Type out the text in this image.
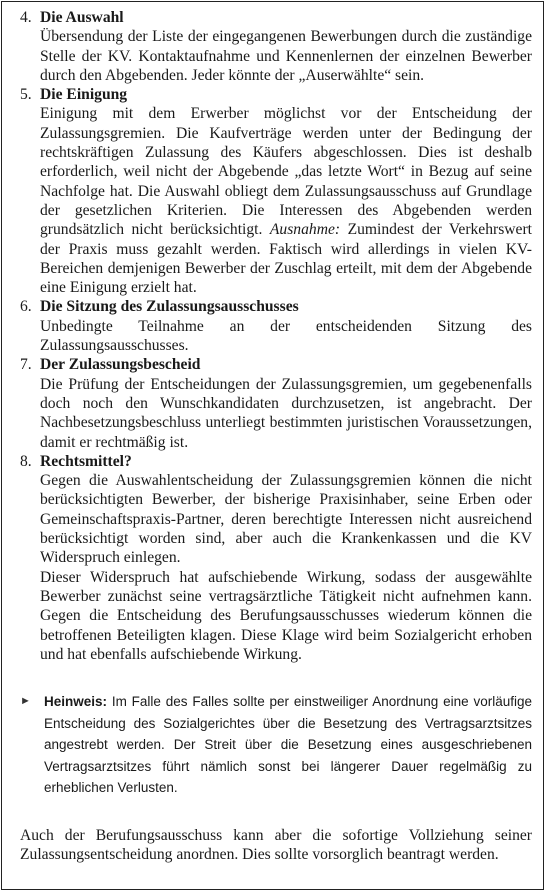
4. Die Auswahl

Übersendung der Liste der eingegangenen Bewerbungen durch die zuständige Stelle der KV. Kontaktaufnahme und Kennenlernen der einzelnen Bewerber durch den Abgebenden. Jeder könnte der „Auserwählte“ sein.

5. Die Einigung

Einigung mit dem Erwerber möglichst vor der Entscheidung der Zulassungsgremien. Die Kaufverträge werden unter der Bedingung der rechtskräftigen Zulassung des Käufers abgeschlossen. Dies ist deshalb erforderlich, weil nicht der Abgebende „das letzte Wort“ in Bezug auf seine Nachfolge hat. Die Auswahl obliegt dem Zulassungsausschuss auf Grundlage der gesetzlichen Kriterien. Die Interessen des Abgebenden werden grundsätzlich nicht berücksichtigt. Ausnahme: Zumindest der Verkehrswert der Praxis muss gezahlt werden. Faktisch wird allerdings in vielen KV-Bereichen demjenigen Bewerber der Zuschlag erteilt, mit dem der Abgebende eine Einigung erzielt hat.

6. Die Sitzung des Zulassungsausschusses

Unbedingte Teilnahme an der entscheidenden Sitzung des Zulassungsausschusses.

7. Der Zulassungsbescheid

Die Prüfung der Entscheidungen der Zulassungsgremien, um gegebenenfalls doch noch den Wunschkandidaten durchzusetzen, ist angebracht. Der Nachbesetzungsbeschluss unterliegt bestimmten juristischen Voraussetzungen, damit er rechtmäßig ist.

8. Rechtsmittel?

Gegen die Auswahlentscheidung der Zulassungsgremien können die nicht berücksichtigten Bewerber, der bisherige Praxisinhaber, seine Erben oder Gemeinschaftspraxis-Partner, deren berechtigte Interessen nicht ausreichend berücksichtigt worden sind, aber auch die Krankenkassen und die KV Widerspruch einlegen.

Dieser Widerspruch hat aufschiebende Wirkung, sodass der ausgewählte Bewerber zunächst seine vertragsärztliche Tätigkeit nicht aufnehmen kann. Gegen die Entscheidung des Berufungsausschusses wiederum können die betroffenen Beteiligten klagen. Diese Klage wird beim Sozialgericht erhoben und hat ebenfalls aufschiebende Wirkung.

► Heinweis: Im Falle des Falles sollte per einstweiliger Anordnung eine vorläufige Entscheidung des Sozialgerichtes über die Besetzung des Vertragsarztsitzes angestrebt werden. Der Streit über die Besetzung eines ausgeschriebenen Vertragsarztsitzes führt nämlich sonst bei längerer Dauer regelmäßig zu erheblichen Verlusten.

Auch der Berufungsausschuss kann aber die sofortige Vollziehung seiner Zulassungsentscheidung anordnen. Dies sollte vorsorglich beantragt werden.
